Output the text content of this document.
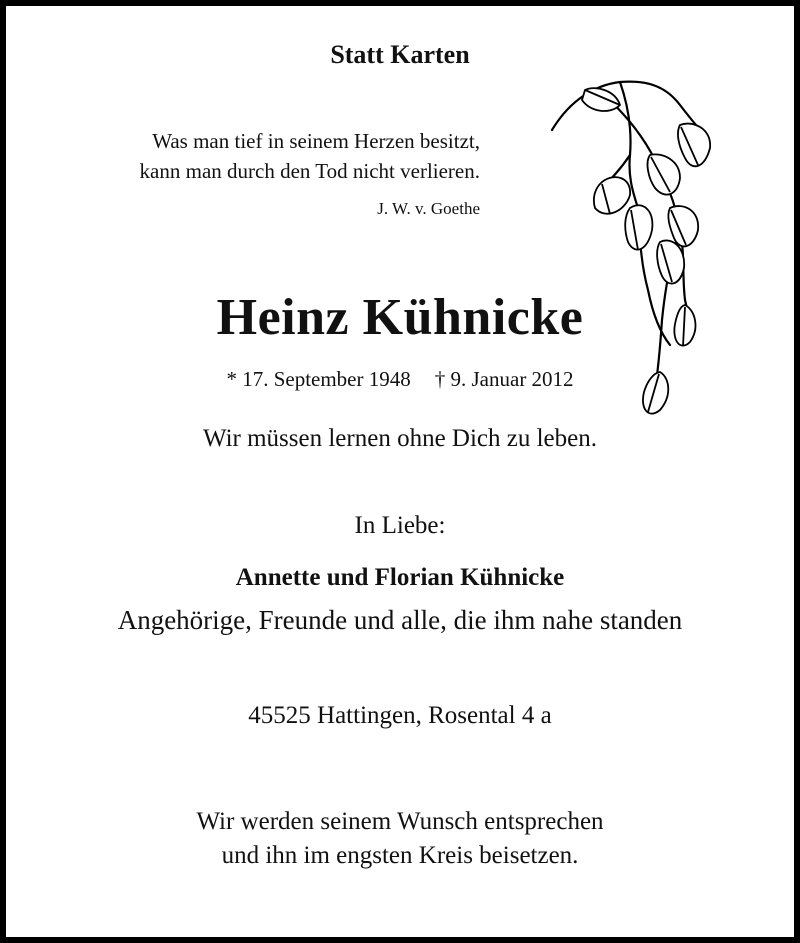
Statt Karten
Was man tief in seinem Herzen besitzt,
kann man durch den Tod nicht verlieren.
J. W. v. Goethe
Heinz Kühnicke
* 17. September 1948 † 9. Januar 2012
Wir müssen lernen ohne Dich zu leben.
In Liebe:
Annette und Florian Kühnicke
Angehörige, Freunde und alle, die ihm nahe standen
45525 Hattingen, Rosental 4 a
Wir werden seinem Wunsch entsprechen
und ihn im engsten Kreis beisetzen.
